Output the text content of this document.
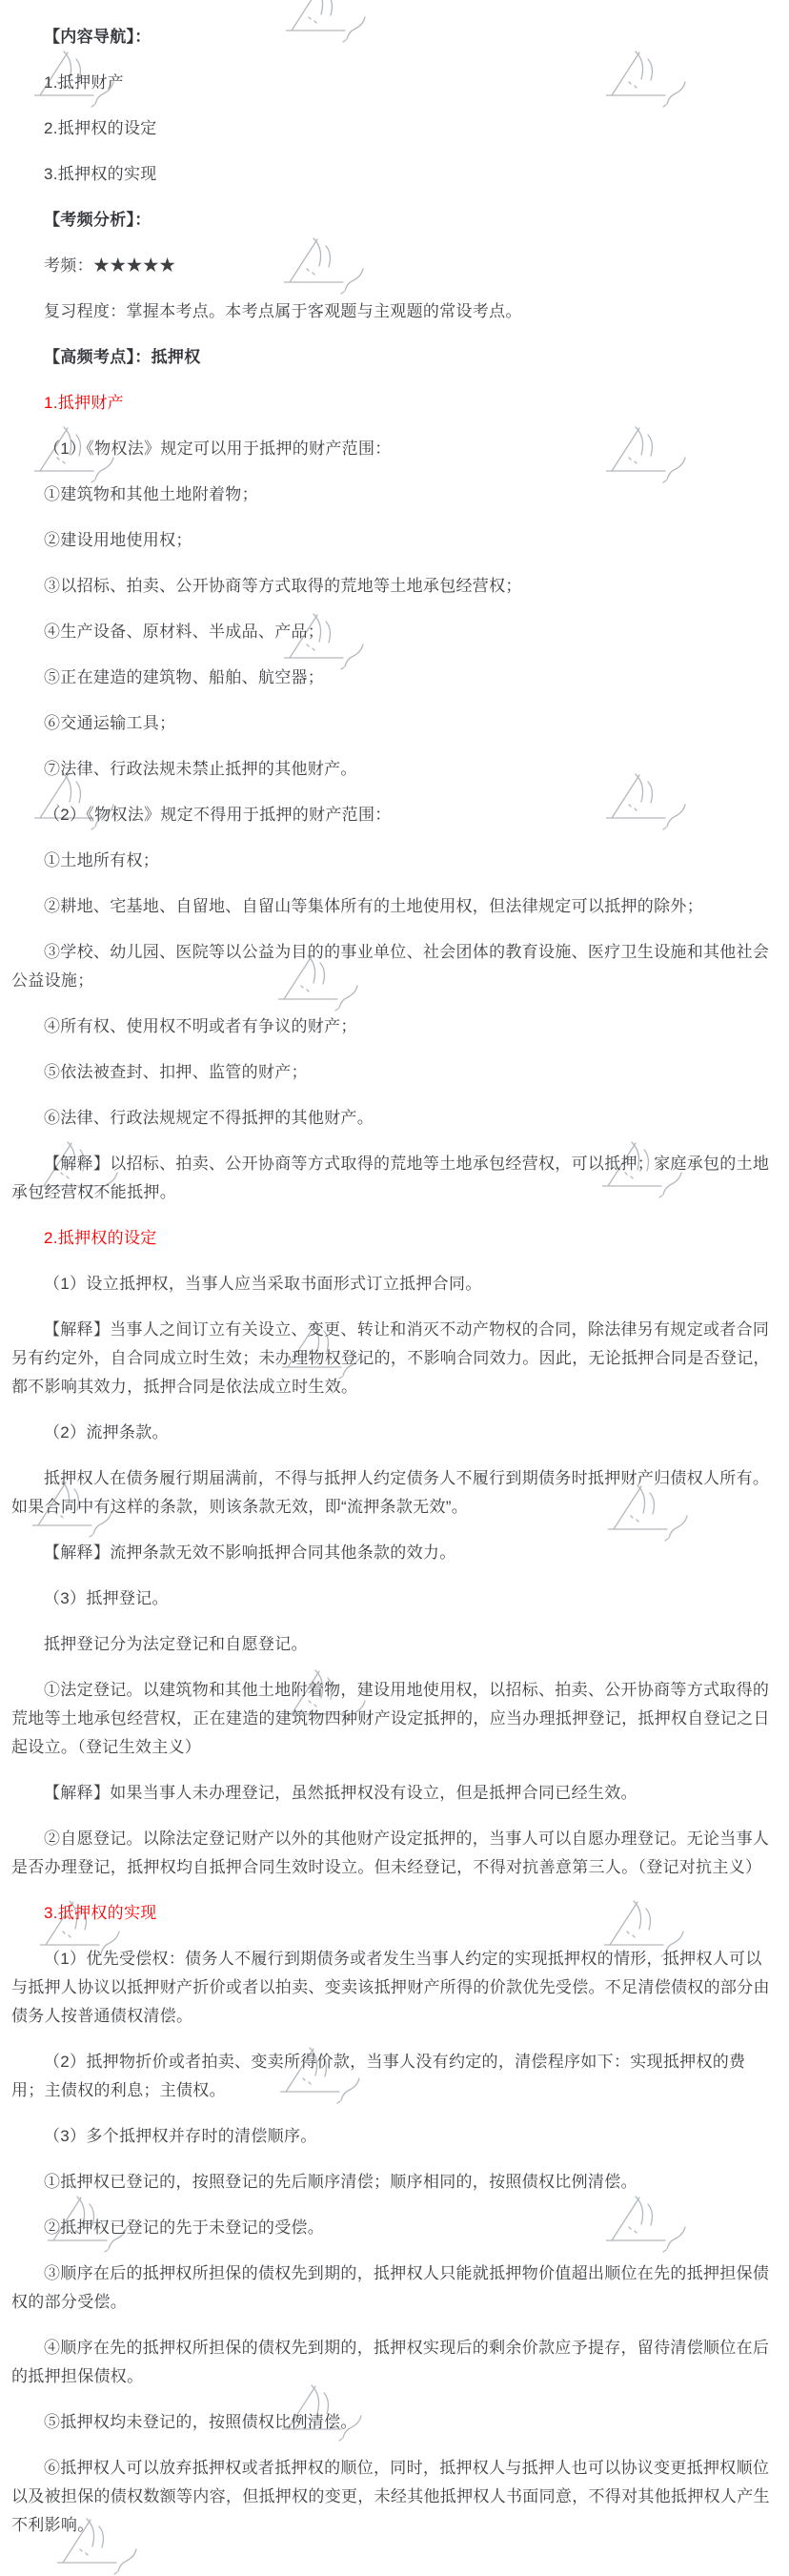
【内容导航】：

1.抵押财产

2.抵押权的设定

3.抵押权的实现

【考频分析】：

考频：★★★★★

复习程度：掌握本考点。本考点属于客观题与主观题的常设考点。

【高频考点】：抵押权

1.抵押财产

（1）《物权法》规定可以用于抵押的财产范围：

①建筑物和其他土地附着物；

②建设用地使用权；

③以招标、拍卖、公开协商等方式取得的荒地等土地承包经营权；

④生产设备、原材料、半成品、产品；

⑤正在建造的建筑物、船舶、航空器；

⑥交通运输工具；

⑦法律、行政法规未禁止抵押的其他财产。

（2）《物权法》规定不得用于抵押的财产范围：

①土地所有权；

②耕地、宅基地、自留地、自留山等集体所有的土地使用权，但法律规定可以抵押的除外；

③学校、幼儿园、医院等以公益为目的的事业单位、社会团体的教育设施、医疗卫生设施和其他社会公益设施；

④所有权、使用权不明或者有争议的财产；

⑤依法被查封、扣押、监管的财产；

⑥法律、行政法规规定不得抵押的其他财产。

【解释】以招标、拍卖、公开协商等方式取得的荒地等土地承包经营权，可以抵押；家庭承包的土地承包经营权不能抵押。

2.抵押权的设定

（1）设立抵押权，当事人应当采取书面形式订立抵押合同。

【解释】当事人之间订立有关设立、变更、转让和消灭不动产物权的合同，除法律另有规定或者合同另有约定外，自合同成立时生效；未办理物权登记的，不影响合同效力。因此，无论抵押合同是否登记，都不影响其效力，抵押合同是依法成立时生效。

（2）流押条款。

抵押权人在债务履行期届满前，不得与抵押人约定债务人不履行到期债务时抵押财产归债权人所有。如果合同中有这样的条款，则该条款无效，即“流押条款无效”。

【解释】流押条款无效不影响抵押合同其他条款的效力。

（3）抵押登记。

抵押登记分为法定登记和自愿登记。

①法定登记。以建筑物和其他土地附着物，建设用地使用权，以招标、拍卖、公开协商等方式取得的荒地等土地承包经营权，正在建造的建筑物四种财产设定抵押的，应当办理抵押登记，抵押权自登记之日起设立。（登记生效主义）

【解释】如果当事人未办理登记，虽然抵押权没有设立，但是抵押合同已经生效。

②自愿登记。以除法定登记财产以外的其他财产设定抵押的，当事人可以自愿办理登记。无论当事人是否办理登记，抵押权均自抵押合同生效时设立。但未经登记，不得对抗善意第三人。（登记对抗主义）

3.抵押权的实现

（1）优先受偿权：债务人不履行到期债务或者发生当事人约定的实现抵押权的情形，抵押权人可以与抵押人协议以抵押财产折价或者以拍卖、变卖该抵押财产所得的价款优先受偿。不足清偿债权的部分由债务人按普通债权清偿。

（2）抵押物折价或者拍卖、变卖所得价款，当事人没有约定的，清偿程序如下：实现抵押权的费用；主债权的利息；主债权。

（3）多个抵押权并存时的清偿顺序。

①抵押权已登记的，按照登记的先后顺序清偿；顺序相同的，按照债权比例清偿。

②抵押权已登记的先于未登记的受偿。

③顺序在后的抵押权所担保的债权先到期的，抵押权人只能就抵押物价值超出顺位在先的抵押担保债权的部分受偿。

④顺序在先的抵押权所担保的债权先到期的，抵押权实现后的剩余价款应予提存，留待清偿顺位在后的抵押担保债权。

⑤抵押权均未登记的，按照债权比例清偿。

⑥抵押权人可以放弃抵押权或者抵押权的顺位，同时，抵押权人与抵押人也可以协议变更抵押权顺位以及被担保的债权数额等内容，但抵押权的变更，未经其他抵押权人书面同意，不得对其他抵押权人产生不利影响。
